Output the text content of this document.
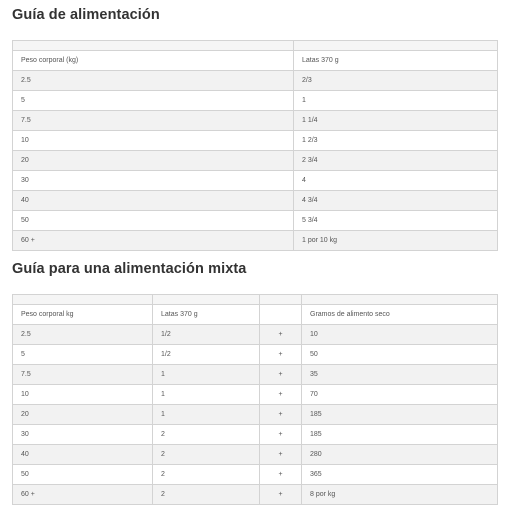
Guía de alimentación

Peso corporal (kg)	Latas 370 g
2.5	2/3
5	1
7.5	1 1/4
10	1 2/3
20	2 3/4
30	4
40	4 3/4
50	5 3/4
60 +	1 por 10 kg
Guía para una alimentación mixta

Peso corporal kg	Latas 370 g		Gramos de alimento seco
2.5	1/2	+	10
5	1/2	+	50
7.5	1	+	35
10	1	+	70
20	1	+	185
30	2	+	185
40	2	+	280
50	2	+	365
60 +	2	+	8 por kg
